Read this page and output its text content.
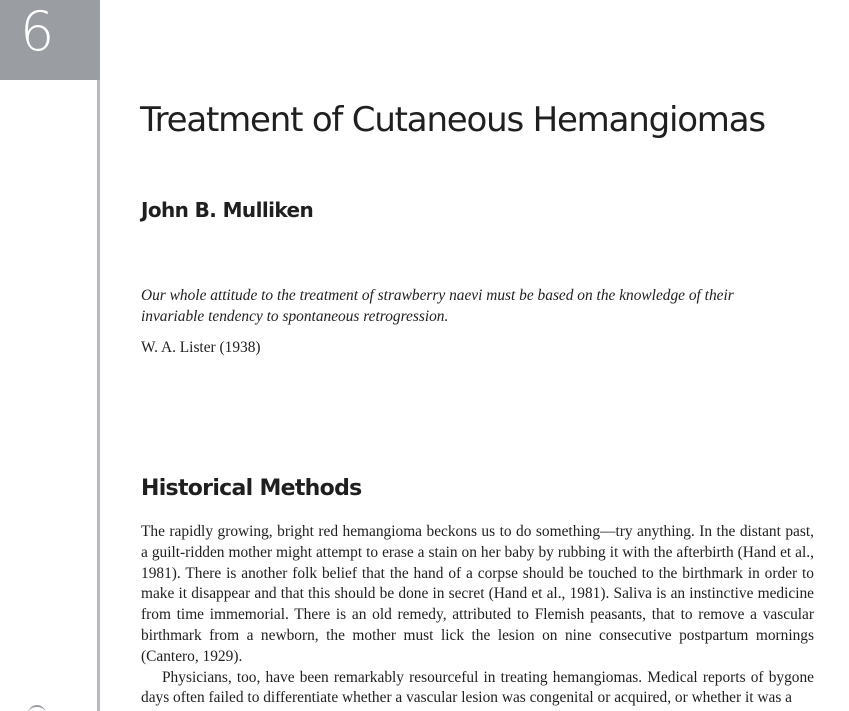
6
Treatment of Cutaneous Hemangiomas
John B. Mulliken

Our whole attitude to the treatment of strawberry naevi must be based on the knowledge of their invariable tendency to spontaneous retrogression.

W. A. Lister (1938)

Historical Methods

The rapidly growing, bright red hemangioma beckons us to do something—try anything. In the distant past, a guilt-ridden mother might attempt to erase a stain on her baby by rubbing it with the afterbirth (Hand et al., 1981). There is another folk belief that the hand of a corpse should be touched to the birthmark in order to make it disappear and that this should be done in secret (Hand et al., 1981). Saliva is an instinctive medicine from time immemorial. There is an old remedy, attributed to Flemish peasants, that to remove a vascular birthmark from a newborn, the mother must lick the lesion on nine consecutive postpartum mornings (Cantero, 1929).

Physicians, too, have been remarkably resourceful in treating hemangiomas. Medical reports of bygone days often failed to differentiate whether a vascular lesion was congenital or acquired, or whether it was a
